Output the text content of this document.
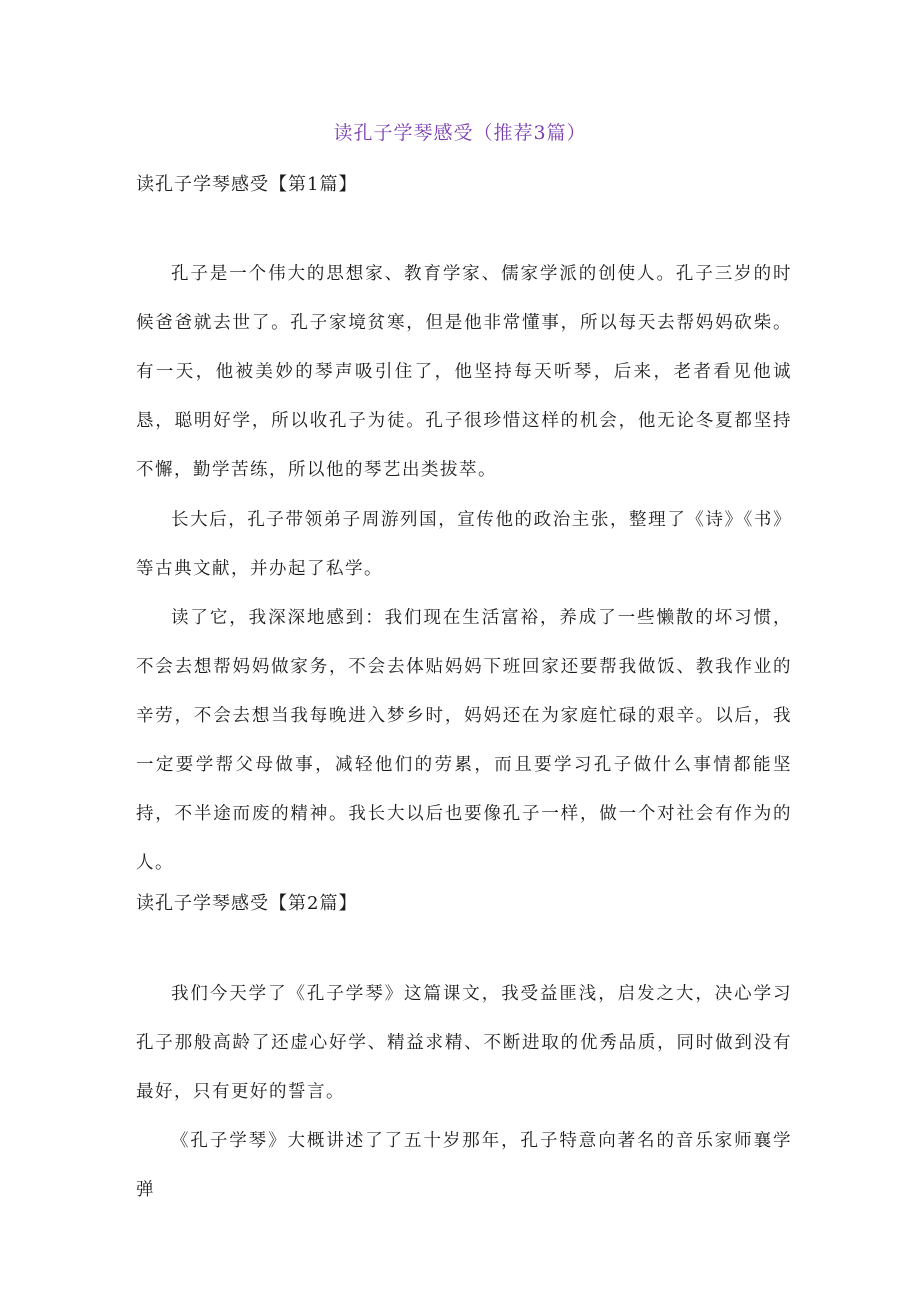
读孔子学琴感受（推荐3篇）
读孔子学琴感受【第1篇】

孔子是一个伟大的思想家、教育学家、儒家学派的创使人。孔子三岁的时候爸爸就去世了。孔子家境贫寒，但是他非常懂事，所以每天去帮妈妈砍柴。有一天，他被美妙的琴声吸引住了，他坚持每天听琴，后来，老者看见他诚恳，聪明好学，所以收孔子为徒。孔子很珍惜这样的机会，他无论冬夏都坚持不懈，勤学苦练，所以他的琴艺出类拔萃。

长大后，孔子带领弟子周游列国，宣传他的政治主张，整理了《诗》《书》等古典文献，并办起了私学。

读了它，我深深地感到：我们现在生活富裕，养成了一些懒散的坏习惯，不会去想帮妈妈做家务，不会去体贴妈妈下班回家还要帮我做饭、教我作业的辛劳，不会去想当我每晚进入梦乡时，妈妈还在为家庭忙碌的艰辛。以后，我一定要学帮父母做事，减轻他们的劳累，而且要学习孔子做什么事情都能坚持，不半途而废的精神。我长大以后也要像孔子一样，做一个对社会有作为的人。

读孔子学琴感受【第2篇】

我们今天学了《孔子学琴》这篇课文，我受益匪浅，启发之大，决心学习孔子那般高龄了还虚心好学、精益求精、不断进取的优秀品质，同时做到没有最好，只有更好的誓言。

《孔子学琴》大概讲述了了五十岁那年，孔子特意向著名的音乐家师襄学弹
